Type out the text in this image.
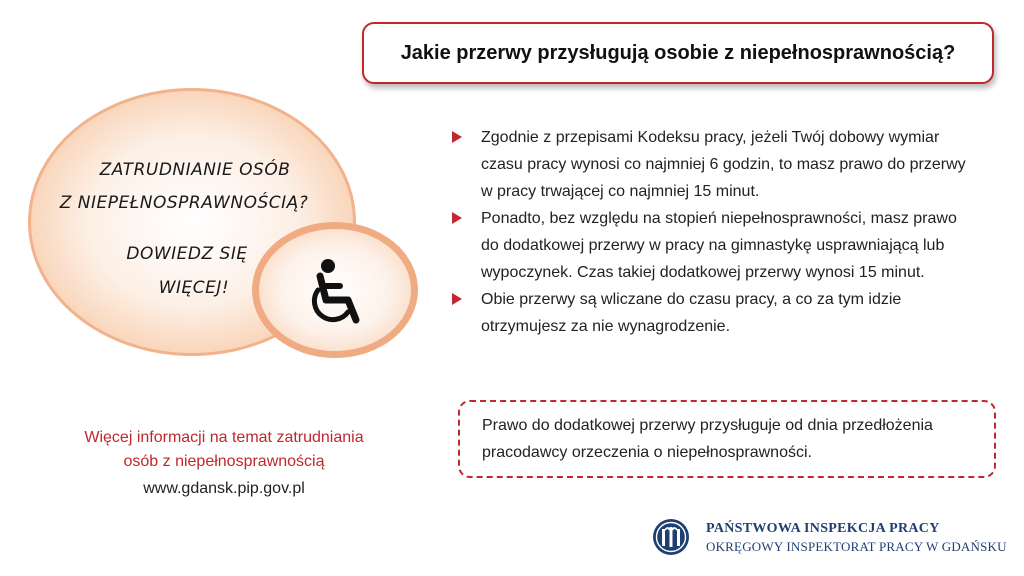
Jakie przerwy przysługują osobie z niepełnosprawnością?
ZATRUDNIANIE OSÓB
Z NIEPEŁNOSPRAWNOŚCIĄ?
DOWIEDZ SIĘ
WIĘCEJ!
Zgodnie z przepisami Kodeksu pracy, jeżeli Twój dobowy wymiar czasu pracy wynosi co najmniej 6 godzin, to masz prawo do przerwy w pracy trwającej co najmniej 15 minut.
Ponadto, bez względu na stopień niepełnosprawności, masz prawo do dodatkowej przerwy w pracy na gimnastykę usprawniającą lub wypoczynek. Czas takiej dodatkowej przerwy wynosi 15 minut.
Obie przerwy są wliczane do czasu pracy, a co za tym idzie otrzymujesz za nie wynagrodzenie.
Prawo do dodatkowej przerwy przysługuje od dnia przedłożenia pracodawcy orzeczenia o niepełnosprawności.
Więcej informacji na temat zatrudniania
osób z niepełnosprawnością
www.gdansk.pip.gov.pl
PAŃSTWOWA INSPEKCJA PRACY
OKRĘGOWY INSPEKTORAT PRACY W GDAŃSKU
